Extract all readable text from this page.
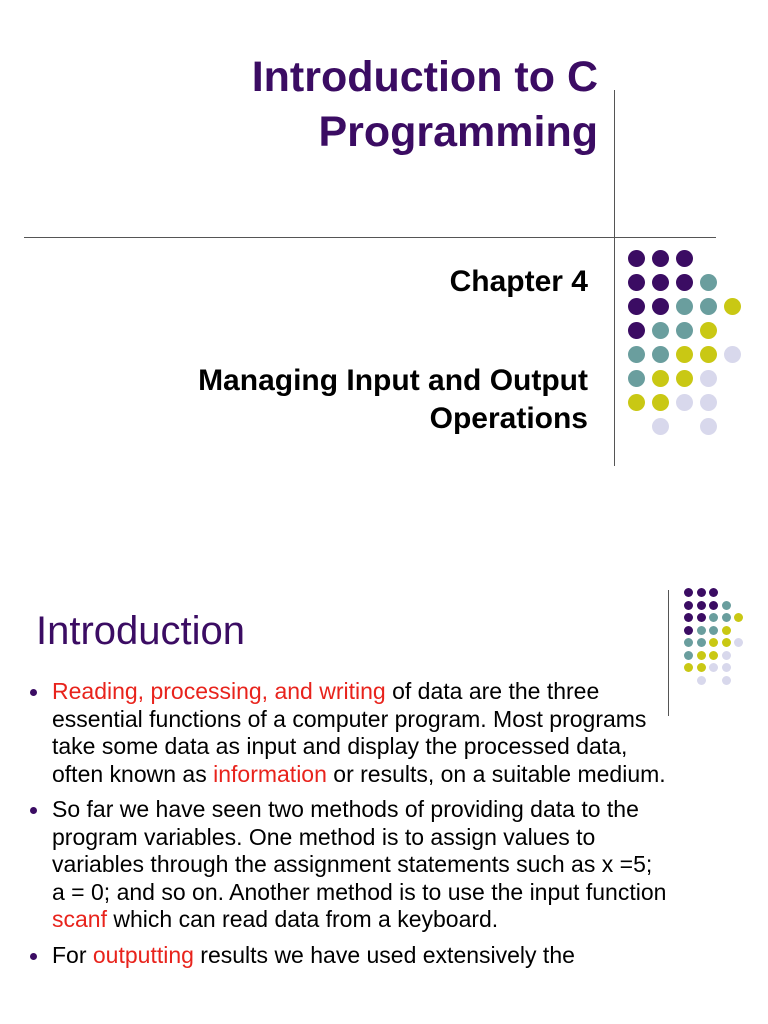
Introduction to C
Programming
Chapter 4
Managing Input and Output
Operations
Introduction
Reading, processing, and writing of data are the three essential functions of a computer program. Most programs take some data as input and display the processed data, often known as information or results, on a suitable medium.
So far we have seen two methods of providing data to the program variables. One method is to assign values to variables through the assignment statements such as x =5; a = 0; and so on. Another method is to use the input function scanf which can read data from a keyboard.
For outputting results we have used extensively the
